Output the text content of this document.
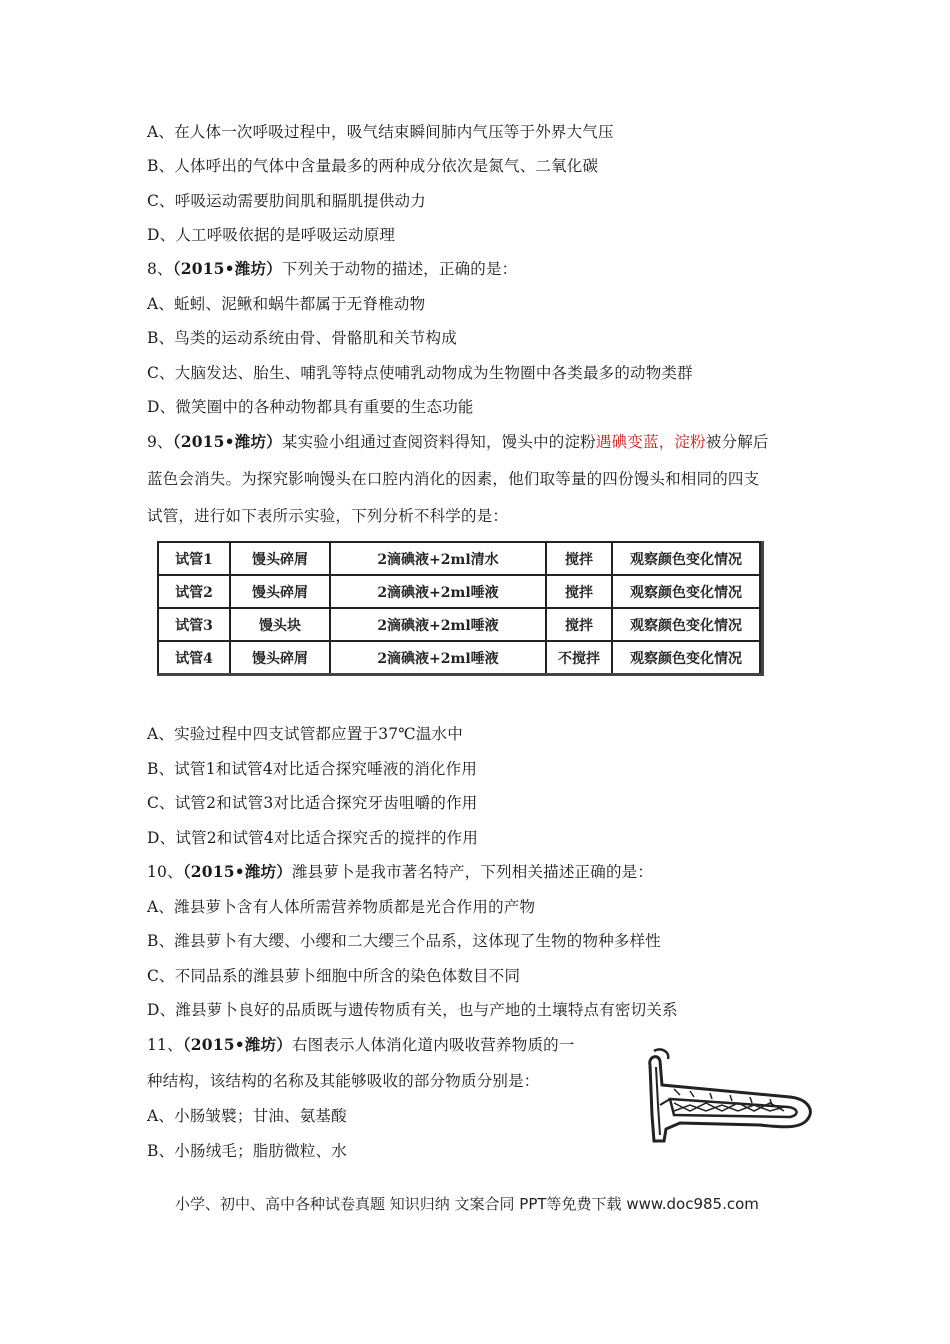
A、在人体一次呼吸过程中，吸气结束瞬间肺内气压等于外界大气压
B、人体呼出的气体中含量最多的两种成分依次是氮气、二氧化碳
C、呼吸运动需要肋间肌和膈肌提供动力
D、人工呼吸依据的是呼吸运动原理
8、（2015•潍坊）下列关于动物的描述，正确的是：
A、蚯蚓、泥鳅和蜗牛都属于无脊椎动物
B、鸟类的运动系统由骨、骨骼肌和关节构成
C、大脑发达、胎生、哺乳等特点使哺乳动物成为生物圈中各类最多的动物类群
D、微笑圈中的各种动物都具有重要的生态功能
9、（2015•潍坊）某实验小组通过查阅资料得知，馒头中的淀粉遇碘变蓝，淀粉被分解后
蓝色会消失。为探究影响馒头在口腔内消化的因素，他们取等量的四份馒头和相同的四支
试管，进行如下表所示实验，下列分析不科学的是：
试管1	馒头碎屑	2滴碘液+2ml清水	搅拌	观察颜色变化情况
试管2	馒头碎屑	2滴碘液+2ml唾液	搅拌	观察颜色变化情况
试管3	馒头块	2滴碘液+2ml唾液	搅拌	观察颜色变化情况
试管4	馒头碎屑	2滴碘液+2ml唾液	不搅拌	观察颜色变化情况
A、实验过程中四支试管都应置于37℃温水中
B、试管1和试管4对比适合探究唾液的消化作用
C、试管2和试管3对比适合探究牙齿咀嚼的作用
D、试管2和试管4对比适合探究舌的搅拌的作用
10、（2015•潍坊）潍县萝卜是我市著名特产，下列相关描述正确的是：
A、潍县萝卜含有人体所需营养物质都是光合作用的产物
B、潍县萝卜有大缨、小缨和二大缨三个品系，这体现了生物的物种多样性
C、不同品系的潍县萝卜细胞中所含的染色体数目不同
D、潍县萝卜良好的品质既与遗传物质有关，也与产地的土壤特点有密切关系
11、（2015•潍坊）右图表示人体消化道内吸收营养物质的一
种结构，该结构的名称及其能够吸收的部分物质分别是：
A、小肠皱襞；甘油、氨基酸
B、小肠绒毛；脂肪微粒、水
小学、初中、高中各种试卷真题 知识归纳 文案合同 PPT等免费下载 www.doc985.com
